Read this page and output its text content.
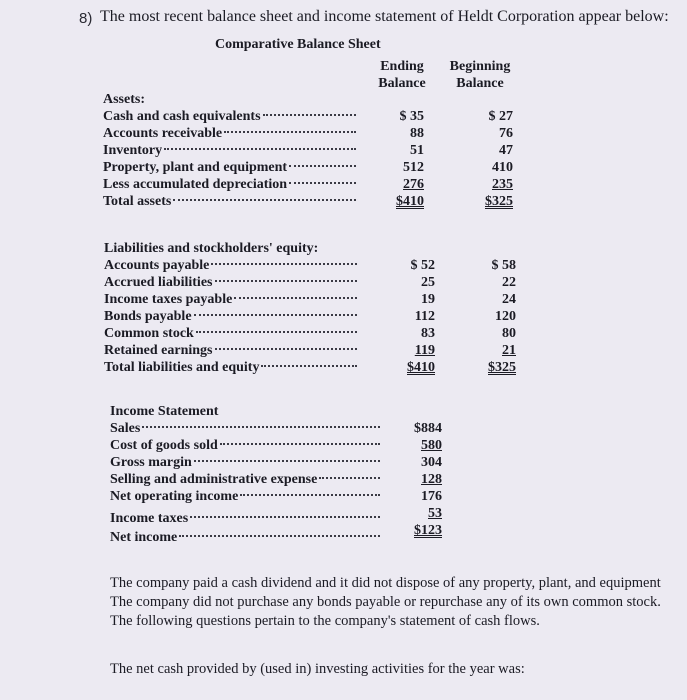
8) The most recent balance sheet and income statement of Heldt Corporation appear below:
Comparative Balance Sheet
Ending
Balance
Beginning
Balance
Assets:
Cash and cash equivalents	$ 35	$ 27
Accounts receivable	88	76
Inventory	51	47
Property, plant and equipment	512	410
Less accumulated depreciation	276	235
Total assets	$410	$325
Liabilities and stockholders' equity:
Accounts payable	$ 52	$ 58
Accrued liabilities	25	22
Income taxes payable	19	24
Bonds payable	112	120
Common stock	83	80
Retained earnings	119	21
Total liabilities and equity	$410	$325
Income Statement
Sales	$884
Cost of goods sold	580
Gross margin	304
Selling and administrative expense	128
Net operating income	176
Income taxes	53
Net income	$123
The company paid a cash dividend and it did not dispose of any property, plant, and equipment
The company did not purchase any bonds payable or repurchase any of its own common stock.
The following questions pertain to the company's statement of cash flows.
The net cash provided by (used in) investing activities for the year was:
